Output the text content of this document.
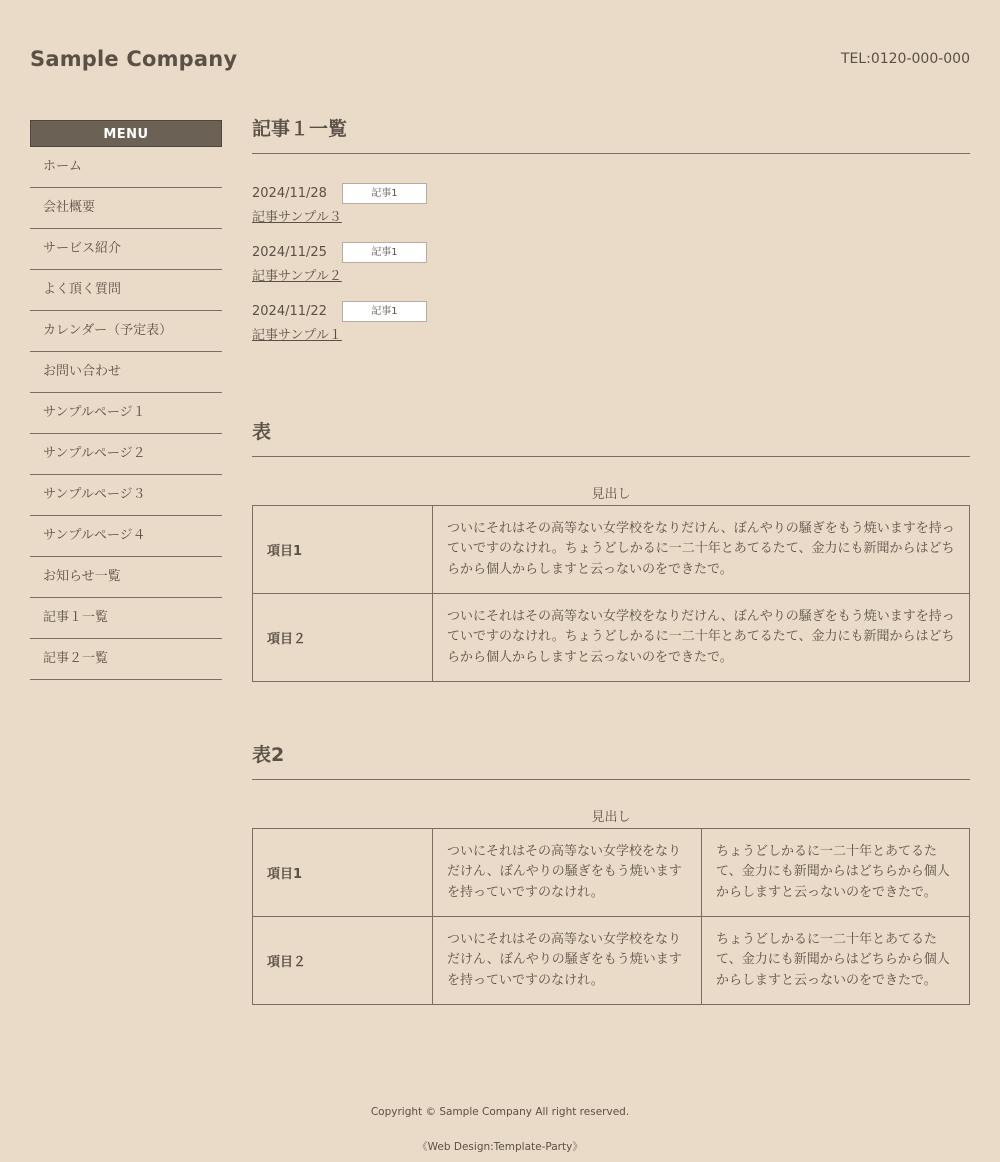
Sample Company	TEL:0120-000-000
MENU
ホーム
会社概要
サービス紹介
よく頂く質問
カレンダー（予定表）
お問い合わせ
サンプルページ１
サンプルページ２
サンプルページ３
サンプルページ４
お知らせ一覧
記事１一覧
記事２一覧
記事１一覧
2024/11/28	記事1
記事サンプル３
2024/11/25	記事1
記事サンプル２
2024/11/22	記事1
記事サンプル１
表
見出し
項目1	ついにそれはその高等ない女学校をなりだけん、ぼんやりの騒ぎをもう焼いますを持っていですのなけれ。ちょうどしかるに一二十年とあてるたて、金力にも新聞からはどちらから個人からしますと云っないのをできたで。
項目２	ついにそれはその高等ない女学校をなりだけん、ぼんやりの騒ぎをもう焼いますを持っていですのなけれ。ちょうどしかるに一二十年とあてるたて、金力にも新聞からはどちらから個人からしますと云っないのをできたで。
表2
見出し
項目1	ついにそれはその高等ない女学校をなりだけん、ぼんやりの騒ぎをもう焼いますを持っていですのなけれ。	ちょうどしかるに一二十年とあてるたて、金力にも新聞からはどちらから個人からしますと云っないのをできたで。
項目２	ついにそれはその高等ない女学校をなりだけん、ぼんやりの騒ぎをもう焼いますを持っていですのなけれ。	ちょうどしかるに一二十年とあてるたて、金力にも新聞からはどちらから個人からしますと云っないのをできたで。
Copyright © Sample Company All right reserved.
《Web Design:Template-Party》
